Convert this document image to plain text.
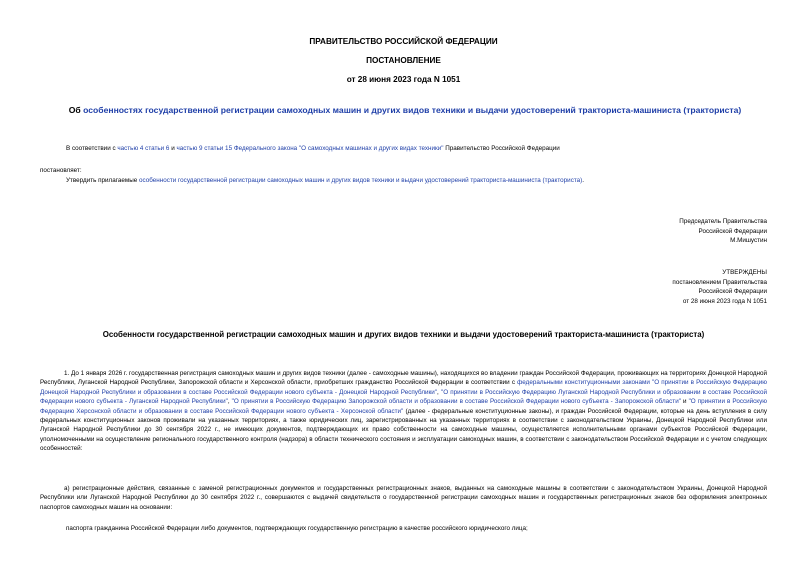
ПРАВИТЕЛЬСТВО РОССИЙСКОЙ ФЕДЕРАЦИИ
ПОСТАНОВЛЕНИЕ
от 28 июня 2023 года N 1051
Об особенностях государственной регистрации самоходных машин и других видов техники и выдачи удостоверений тракториста-машиниста (тракториста)
В соответствии с частью 4 статьи 6 и частью 9 статьи 15 Федерального закона "О самоходных машинах и других видах техники" Правительство Российской Федерации
постановляет:
Утвердить прилагаемые особенности государственной регистрации самоходных машин и других видов техники и выдачи удостоверений тракториста-машиниста (тракториста).
Председатель Правительства
Российской Федерации
М.Мишустин
УТВЕРЖДЕНЫ
постановлением Правительства
Российской Федерации
от 28 июня 2023 года N 1051
Особенности государственной регистрации самоходных машин и других видов техники и выдачи удостоверений тракториста-машиниста (тракториста)
1. До 1 января 2026 г. государственная регистрация самоходных машин и других видов техники (далее - самоходные машины), находящихся во владении граждан Российской Федерации, проживающих на территориях Донецкой Народной Республики, Луганской Народной Республики, Запорожской области и Херсонской области, приобретших гражданство Российской Федерации в соответствии с федеральными конституционными законами "О принятии в Российскую Федерацию Донецкой Народной Республики и образовании в составе Российской Федерации нового субъекта - Донецкой Народной Республики", "О принятии в Российскую Федерацию Луганской Народной Республики и образовании в составе Российской Федерации нового субъекта - Луганской Народной Республики", "О принятии в Российскую Федерацию Запорожской области и образовании в составе Российской Федерации нового субъекта - Запорожской области" и "О принятии в Российскую Федерацию Херсонской области и образовании в составе Российской Федерации нового субъекта - Херсонской области" (далее - федеральные конституционные законы), и граждан Российской Федерации, которые на день вступления в силу федеральных конституционных законов проживали на указанных территориях, а также юридических лиц, зарегистрированных на указанных территориях в соответствии с законодательством Украины, Донецкой Народной Республики или Луганской Народной Республики до 30 сентября 2022 г., не имеющих документов, подтверждающих их право собственности на самоходные машины, осуществляется исполнительными органами субъектов Российской Федерации, уполномоченными на осуществление регионального государственного контроля (надзора) в области технического состояния и эксплуатации самоходных машин, в соответствии с законодательством Российской Федерации и с учетом следующих особенностей:
а) регистрационные действия, связанные с заменой регистрационных документов и государственных регистрационных знаков, выданных на самоходные машины в соответствии с законодательством Украины, Донецкой Народной Республики или Луганской Народной Республики до 30 сентября 2022 г., совершаются с выдачей свидетельств о государственной регистрации самоходных машин и государственных регистрационных знаков без оформления электронных паспортов самоходных машин на основании:
паспорта гражданина Российской Федерации либо документов, подтверждающих государственную регистрацию в качестве российского юридического лица;
